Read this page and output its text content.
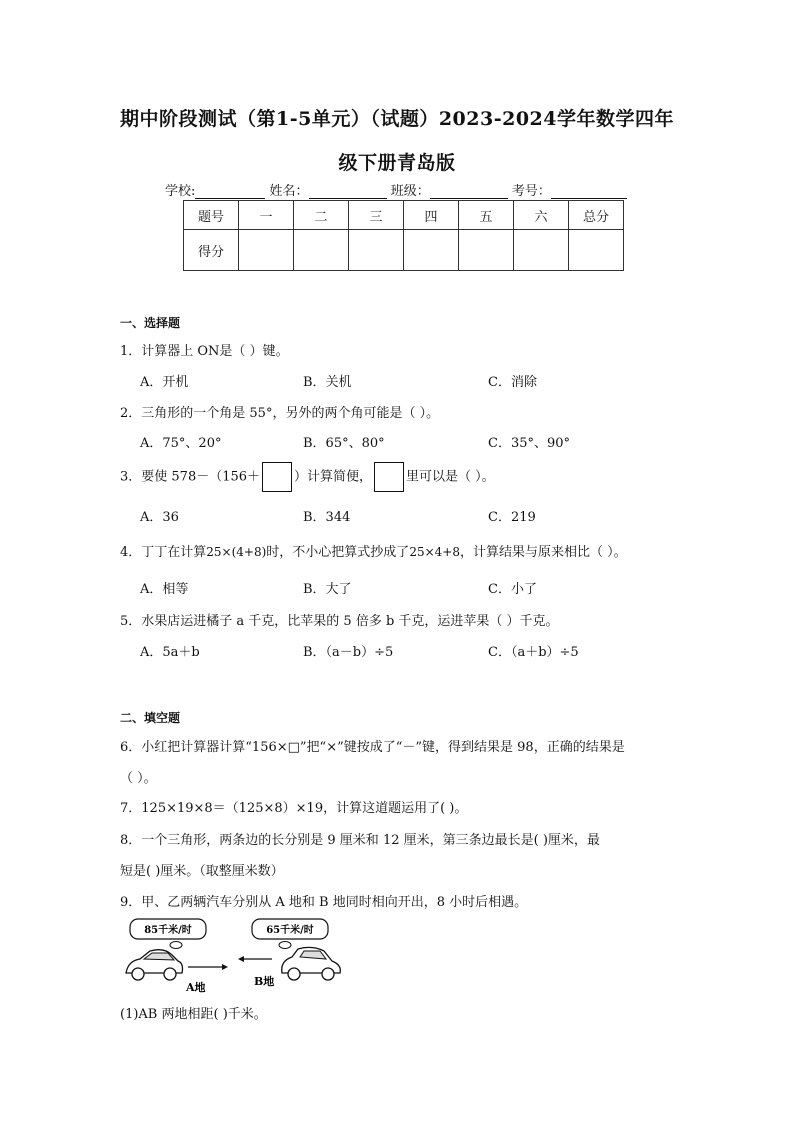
期中阶段测试（第1-5单元）（试题）2023-2024学年数学四年
级下册青岛版
学校:	姓名：	班级：	考号：
题号	一	二	三	四	五	六	总分
得分							
一、选择题
1．计算器上 ON是（ ）键。
A．开机	B．关机	C．消除
2．三角形的一个角是 55°，另外的两个角可能是（ ）。
A．75°、20°	B．65°、80°	C．35°、90°
3．要使 578－（156＋	）计算简便，	里可以是（ ）。
A．36	B．344	C．219
4．丁丁在计算25×(4+8)时，不小心把算式抄成了25×4+8，计算结果与原来相比（ ）。
A．相等	B．大了	C．小了
5．水果店运进橘子 a 千克，比苹果的 5 倍多 b 千克，运进苹果（ ）千克。
A．5a＋b	B．（a－b）÷5	C．（a＋b）÷5
二、填空题
6．小红把计算器计算“156×□”把“×”键按成了“－”键，得到结果是 98，正确的结果是
（ ）。
7．125×19×8＝（125×8）×19，计算这道题运用了( )。
8．一个三角形，两条边的长分别是 9 厘米和 12 厘米，第三条边最长是( )厘米，最
短是( )厘米。（取整厘米数）
9．甲、乙两辆汽车分别从 A 地和 B 地同时相向开出，8 小时后相遇。
85千米/时	65千米/时
A地	B地
(1)AB 两地相距( )千米。
